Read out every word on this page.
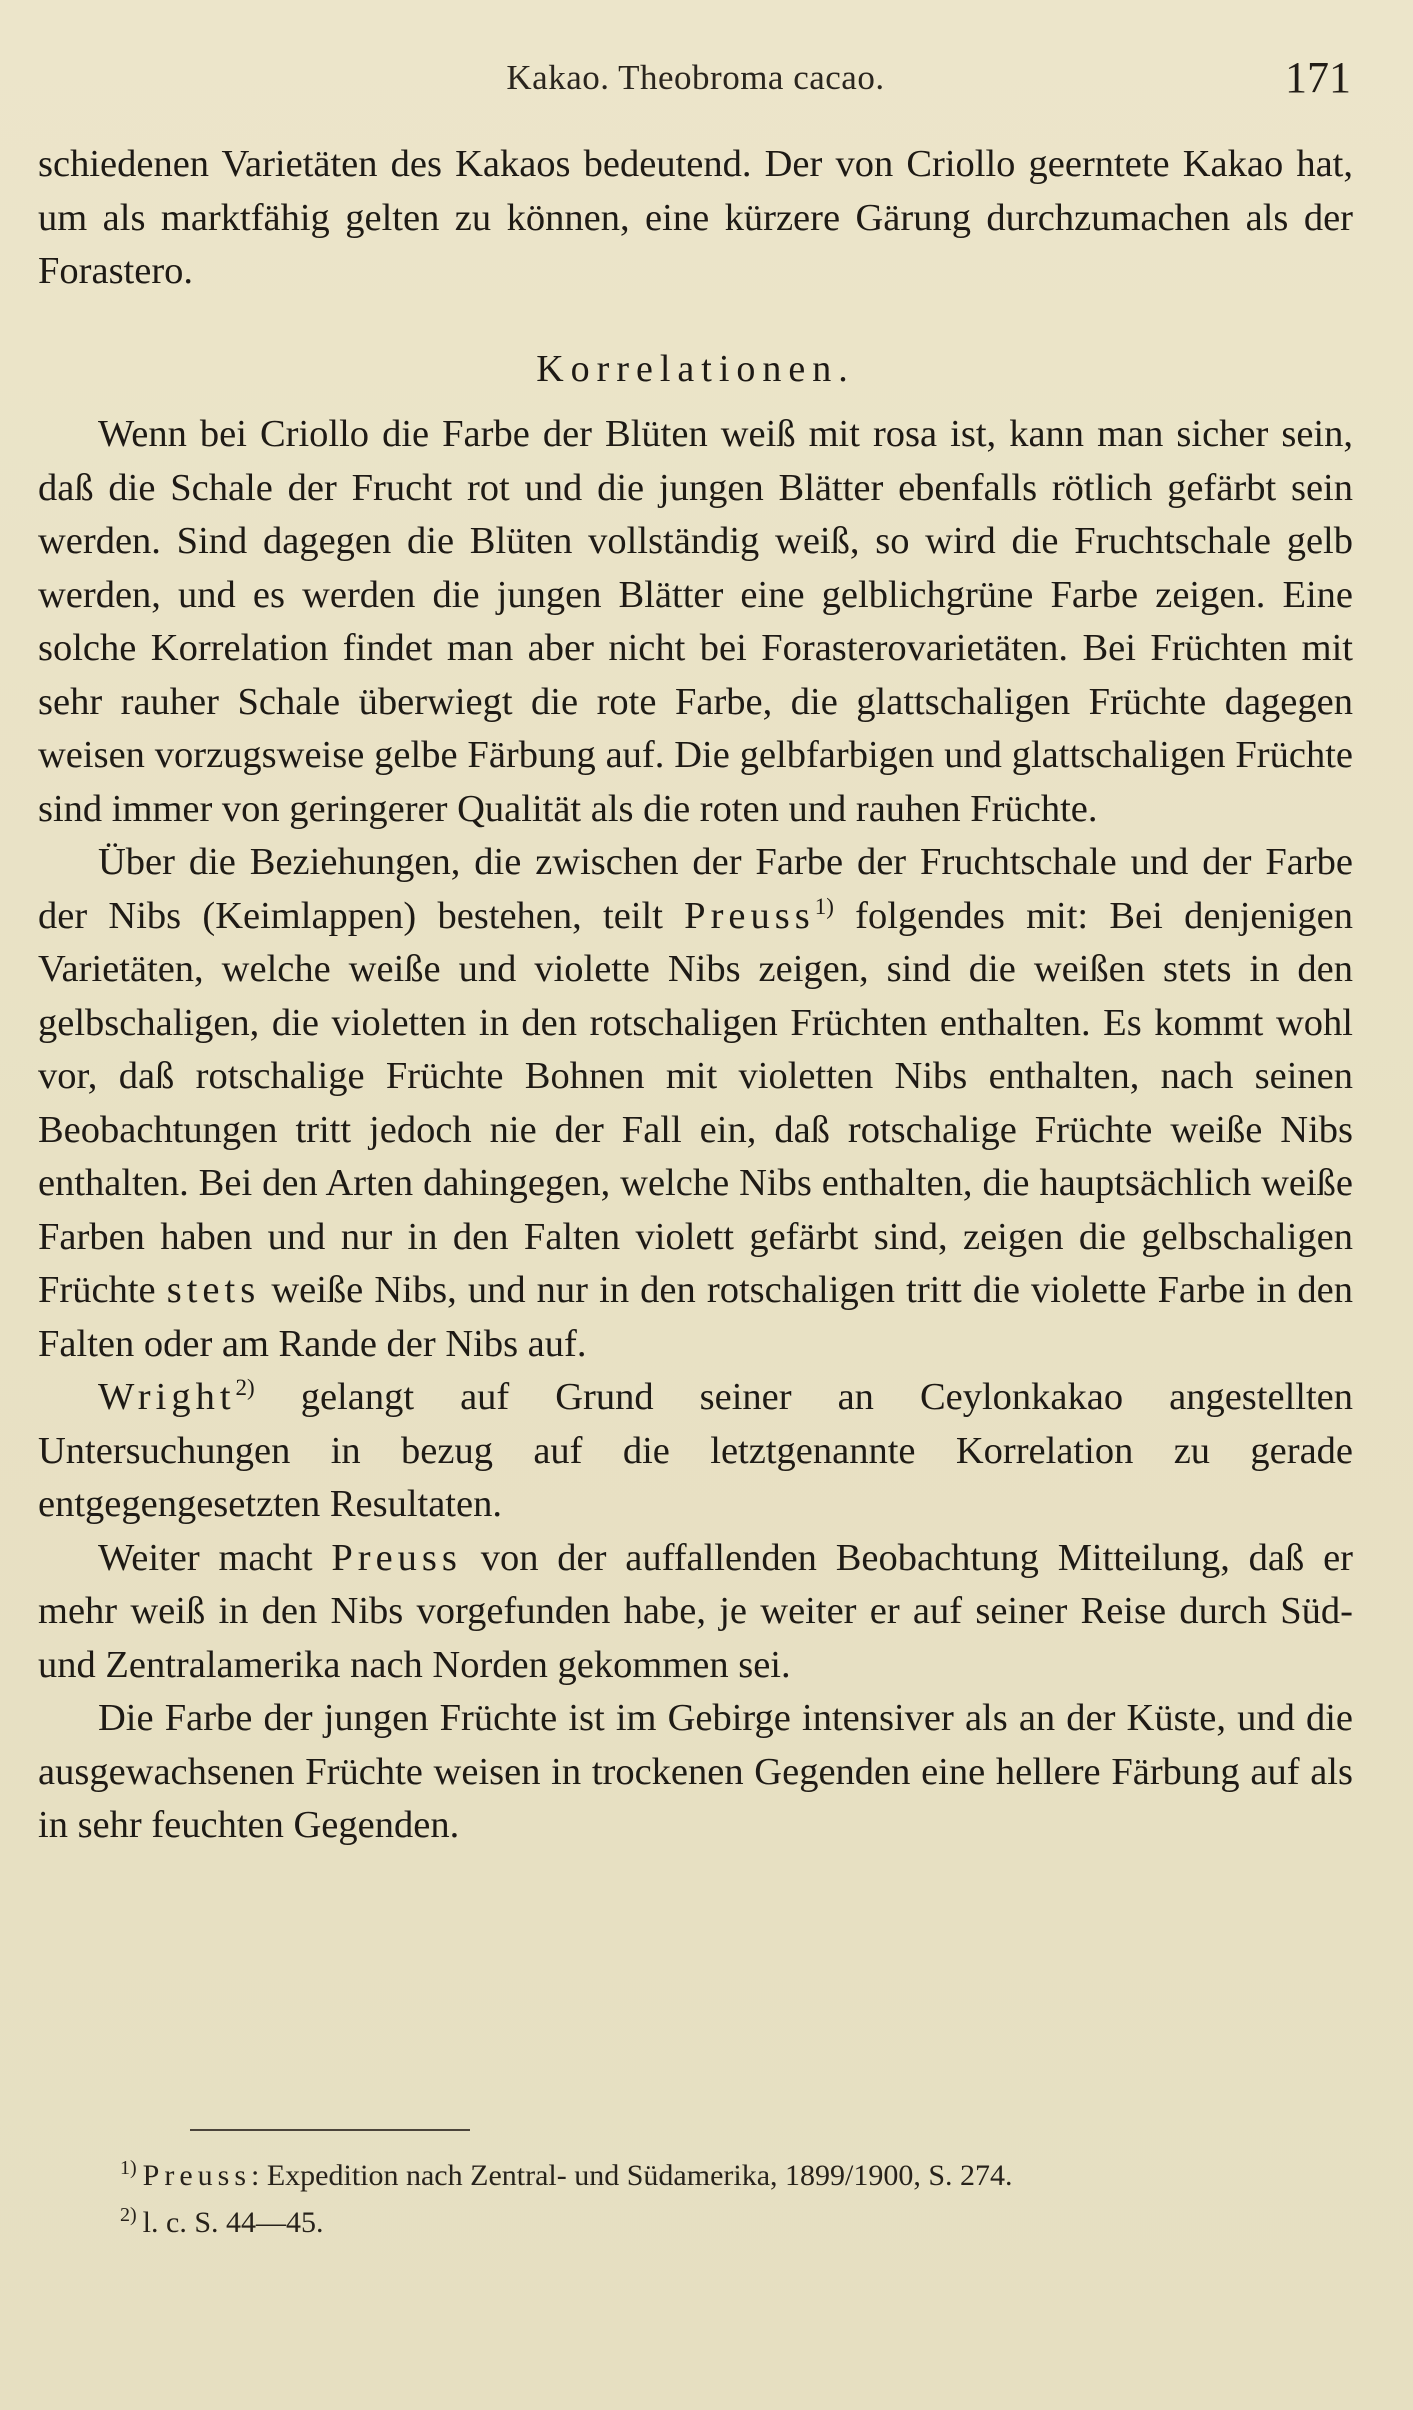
Kakao. Theobroma cacao.	171

schiedenen Varietäten des Kakaos bedeutend. Der von Criollo geerntete Kakao hat, um als marktfähig gelten zu können, eine kürzere Gärung durchzumachen als der Forastero.

Korrelationen.

Wenn bei Criollo die Farbe der Blüten weiß mit rosa ist, kann man sicher sein, daß die Schale der Frucht rot und die jungen Blätter ebenfalls rötlich gefärbt sein werden. Sind dagegen die Blüten vollständig weiß, so wird die Fruchtschale gelb werden, und es werden die jungen Blätter eine gelblichgrüne Farbe zeigen. Eine solche Korrelation findet man aber nicht bei Forasterovarietäten. Bei Früchten mit sehr rauher Schale überwiegt die rote Farbe, die glattschaligen Früchte dagegen weisen vorzugsweise gelbe Färbung auf. Die gelbfarbigen und glattschaligen Früchte sind immer von geringerer Qualität als die roten und rauhen Früchte.

Über die Beziehungen, die zwischen der Farbe der Fruchtschale und der Farbe der Nibs (Keimlappen) bestehen, teilt Preuss$^{1)}$ folgendes mit: Bei denjenigen Varietäten, welche weiße und violette Nibs zeigen, sind die weißen stets in den gelbschaligen, die violetten in den rotschaligen Früchten enthalten. Es kommt wohl vor, daß rotschalige Früchte Bohnen mit violetten Nibs enthalten, nach seinen Beobachtungen tritt jedoch nie der Fall ein, daß rotschalige Früchte weiße Nibs enthalten. Bei den Arten dahingegen, welche Nibs enthalten, die hauptsächlich weiße Farben haben und nur in den Falten violett gefärbt sind, zeigen die gelbschaligen Früchte stets weiße Nibs, und nur in den rotschaligen tritt die violette Farbe in den Falten oder am Rande der Nibs auf.

Wright$^{2)}$ gelangt auf Grund seiner an Ceylonkakao angestellten Untersuchungen in bezug auf die letztgenannte Korrelation zu gerade entgegengesetzten Resultaten.

Weiter macht Preuss von der auffallenden Beobachtung Mitteilung, daß er mehr weiß in den Nibs vorgefunden habe, je weiter er auf seiner Reise durch Süd- und Zentralamerika nach Norden gekommen sei.

Die Farbe der jungen Früchte ist im Gebirge intensiver als an der Küste, und die ausgewachsenen Früchte weisen in trockenen Gegenden eine hellere Färbung auf als in sehr feuchten Gegenden.

$^{1)}$ Preuss: Expedition nach Zentral- und Südamerika, 1899/1900, S. 274.

$^{2)}$ l. c. S. 44—45.
